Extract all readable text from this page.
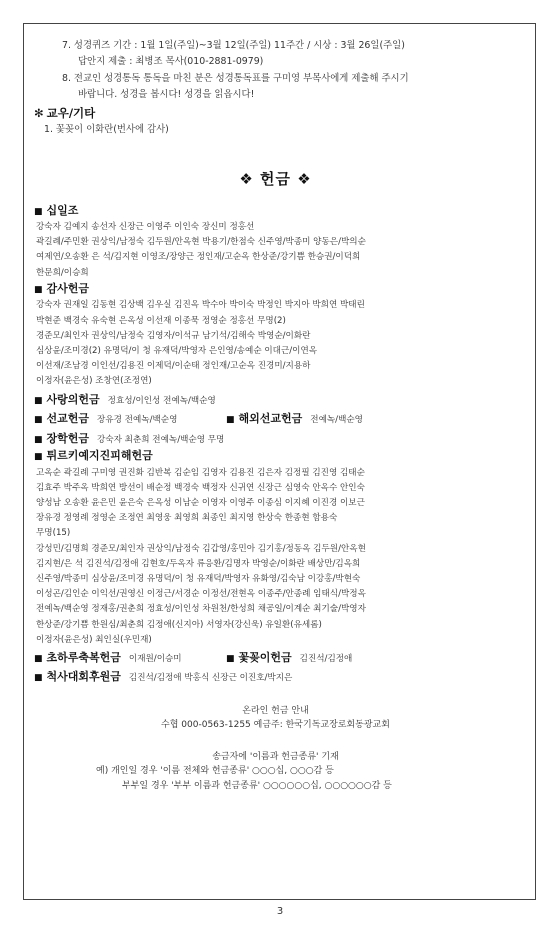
7. 성경퀴즈 기간 : 1월 1일(주일)~3월 12일(주일) 11주간 / 시상 : 3월 26일(주일)
답안지 제출 : 최병조 목사(010-2881-0979)
8. 전교인 성경통독 통독을 마친 분은 성경통독표를 구미영 부목사에게 제출해 주시기
바랍니다. 성경을 봅시다! 성경을 읽읍시다!
✻ 교우/기타
1. 꽃꽂이 이화란(번사에 감사)
❖ 헌금 ❖
■ 십일조
강숙자 김예지 송선자 신장근 이영주 이인숙 장신미 정홍선
곽길례/주민환 권상익/남정숙 김두원/안옥현 박용기/한점숙 신주영/박종미 양동은/박의순
여제연/오송환 은 석/김지현 이영조/장양근 정인재/고순옥 한상준/강기쁨 한승권/이덕희
한문희/이승희
■ 감사헌금
강숙자 권재일 김동현 김상백 김우실 김진옥 박수아 박이숙 박정인 박지아 박희연 박태린
박현준 백경숙 유숙현 은옥성 이선재 이종묵 정영순 정홍선 무명(2)
경준모/최인자 권상익/남정숙 김영자/이석규 남기석/김해숙 박영순/이화란
심상윤/조미경(2) 유명덕/이 청 유재덕/박영자 은인영/송예순 이대근/이연옥
이선재/조남경 이인선/김용진 이제덕/이순태 정인재/고순옥 진경미/지용하
이정자(윤은성) 조창연(조정연)
■ 사랑의헌금 정효성/이인성 전예녹/백순영
■ 선교헌금 장유경 전예녹/백순영	■ 해외선교헌금 전예녹/백순영
■ 장학헌금 강숙자 최춘희 전예녹/백순영 무명
■ 튀르키예지진피해헌금
고옥순 곽길례 구미영 권진화 김반복 김순임 김영자 김용진 김은자 김정필 김진영 김태순
김효주 박주옥 박희연 방선이 배순정 백경숙 백정자 신귀연 신장근 심영숙 안옥수 안인숙
양성남 오송환 윤은민 윤은숙 은옥성 이남순 이영자 이영주 이종심 이지혜 이진경 이보근
장유경 정영례 정영순 조정연 최영웅 최영희 최종인 최지영 한상숙 한종현 함용숙
무명(15)
강성민/김명희 경준모/최인자 권상익/남정숙 김갑영/홍민아 김기홍/정동옥 김두원/안옥현
김지현/은 석 김진석/김정애 김현호/두옥자 류응환/김명자 박영순/이화란 배상만/김옥희
신주영/박종미 심상윤/조미경 유명덕/이 청 유재덕/박영자 유화영/김숙남 이강홍/박현숙
이성곤/김인순 이익선/권영신 이정근/서경순 이정선/전현옥 이종주/안종례 임태식/박정옥
전예녹/백순영 정재홍/권춘희 정효성/이인성 차원천/한성희 채공일/이계순 최기술/박영자
한상준/강기쁨 한원심/최춘희 김정애(신지아) 서영자(강신욱) 유일환(유세롬)
이정자(윤은성) 최인실(우민재)
■ 초하루축복헌금 이재원/이승미	■ 꽃꽂이헌금 김진석/김정애
■ 척사대회후원금 김진석/김정애 박홍식 신장근 이진호/박지은
온라인 헌금 안내
수협 000-0563-1255 예금주: 한국기독교장로회동광교회
송금자에 '이름과 헌금종류' 기재
예) 개인일 경우 '이름 전체와 헌금종류' ○○○십, ○○○감 등
부부일 경우 '부부 이름과 헌금종류' ○○○○○○십, ○○○○○○감 등
3
